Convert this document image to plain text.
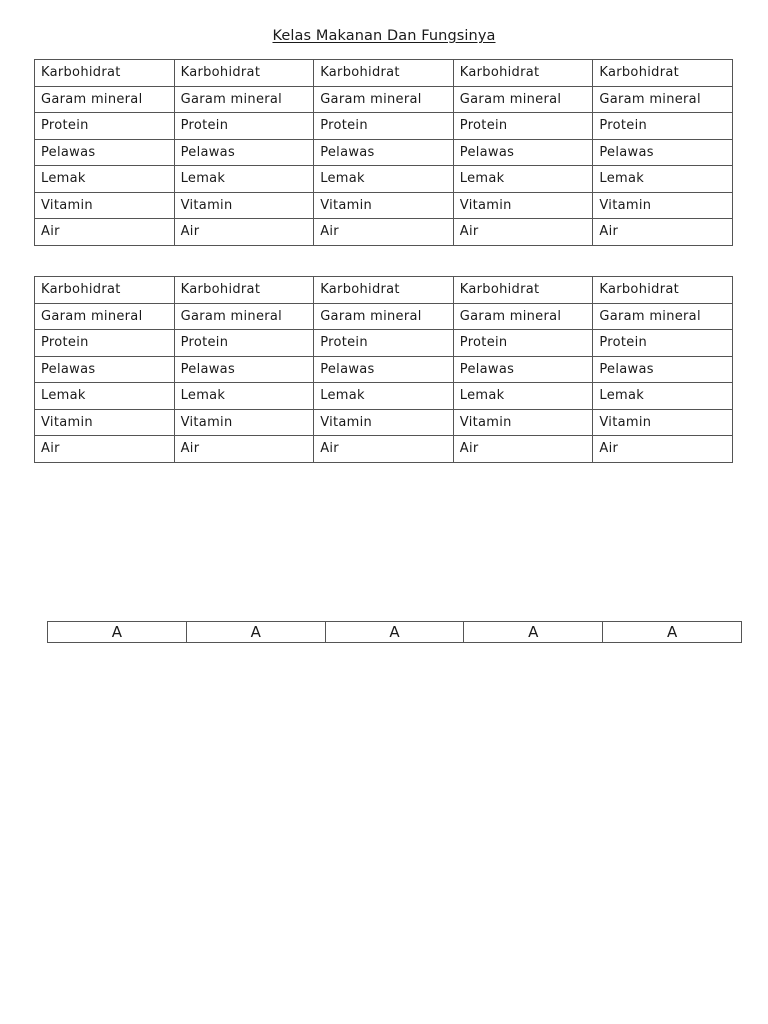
Kelas Makanan Dan Fungsinya
Karbohidrat	Karbohidrat	Karbohidrat	Karbohidrat	Karbohidrat
Garam mineral	Garam mineral	Garam mineral	Garam mineral	Garam mineral
Protein	Protein	Protein	Protein	Protein
Pelawas	Pelawas	Pelawas	Pelawas	Pelawas
Lemak	Lemak	Lemak	Lemak	Lemak
Vitamin	Vitamin	Vitamin	Vitamin	Vitamin
Air	Air	Air	Air	Air
Karbohidrat	Karbohidrat	Karbohidrat	Karbohidrat	Karbohidrat
Garam mineral	Garam mineral	Garam mineral	Garam mineral	Garam mineral
Protein	Protein	Protein	Protein	Protein
Pelawas	Pelawas	Pelawas	Pelawas	Pelawas
Lemak	Lemak	Lemak	Lemak	Lemak
Vitamin	Vitamin	Vitamin	Vitamin	Vitamin
Air	Air	Air	Air	Air
A	A	A	A	A
